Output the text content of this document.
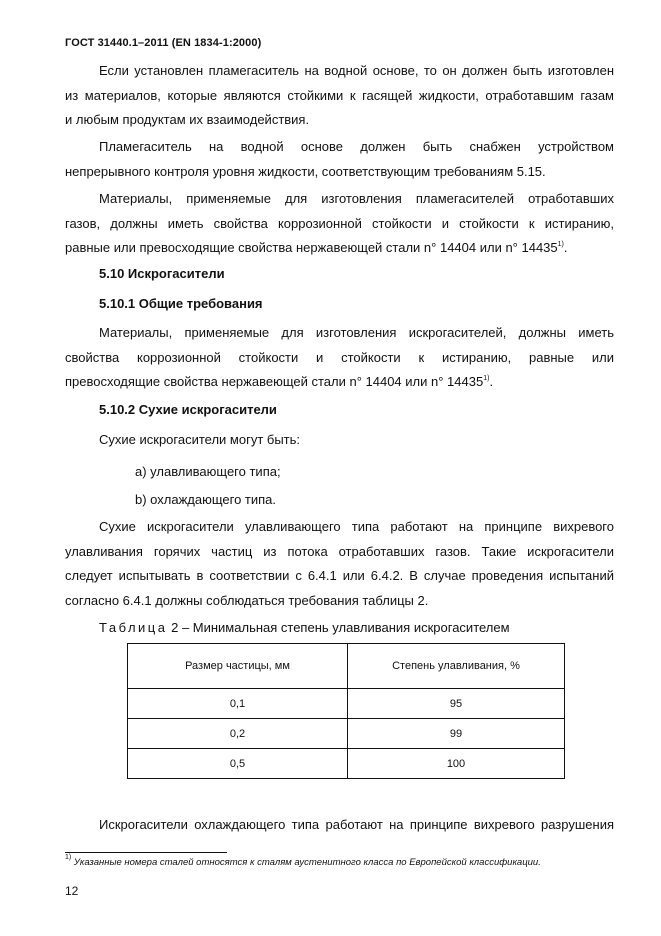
ГОСТ 31440.1–2011 (EN 1834-1:2000)

Если установлен пламегаситель на водной основе, то он должен быть изготовлен
из материалов, которые являются стойкими к гасящей жидкости, отработавшим газам
и любым продуктам их взаимодействия.

Пламегаситель на водной основе должен быть снабжен устройством
непрерывного контроля уровня жидкости, соответствующим требованиям 5.15.

Материалы, применяемые для изготовления пламегасителей отработавших
газов, должны иметь свойства коррозионной стойкости и стойкости к истиранию,
равные или превосходящие свойства нержавеющей стали n° 14404 или n° 14435$^{1)}$.

5.10 Искрогасители
5.10.1 Общие требования

Материалы, применяемые для изготовления искрогасителей, должны иметь
свойства коррозионной стойкости и стойкости к истиранию, равные или
превосходящие свойства нержавеющей стали n° 14404 или n° 14435$^{1)}$.

5.10.2 Сухие искрогасители

Сухие искрогасители могут быть:

а) улавливающего типа;
b) охлаждающего типа.

Сухие искрогасители улавливающего типа работают на принципе вихревого
улавливания горячих частиц из потока отработавших газов. Такие искрогасители
следует испытывать в соответствии с 6.4.1 или 6.4.2. В случае проведения испытаний
согласно 6.4.1 должны соблюдаться требования таблицы 2.

Таблица 2 – Минимальная степень улавливания искрогасителем
Размер частицы, мм	Степень улавливания, %
0,1	95
0,2	99
0,5	100

Искрогасители охлаждающего типа работают на принципе вихревого разрушения

$^{1)}$ Указанные номера сталей относятся к сталям аустенитного класса по Европейской классификации.
12
